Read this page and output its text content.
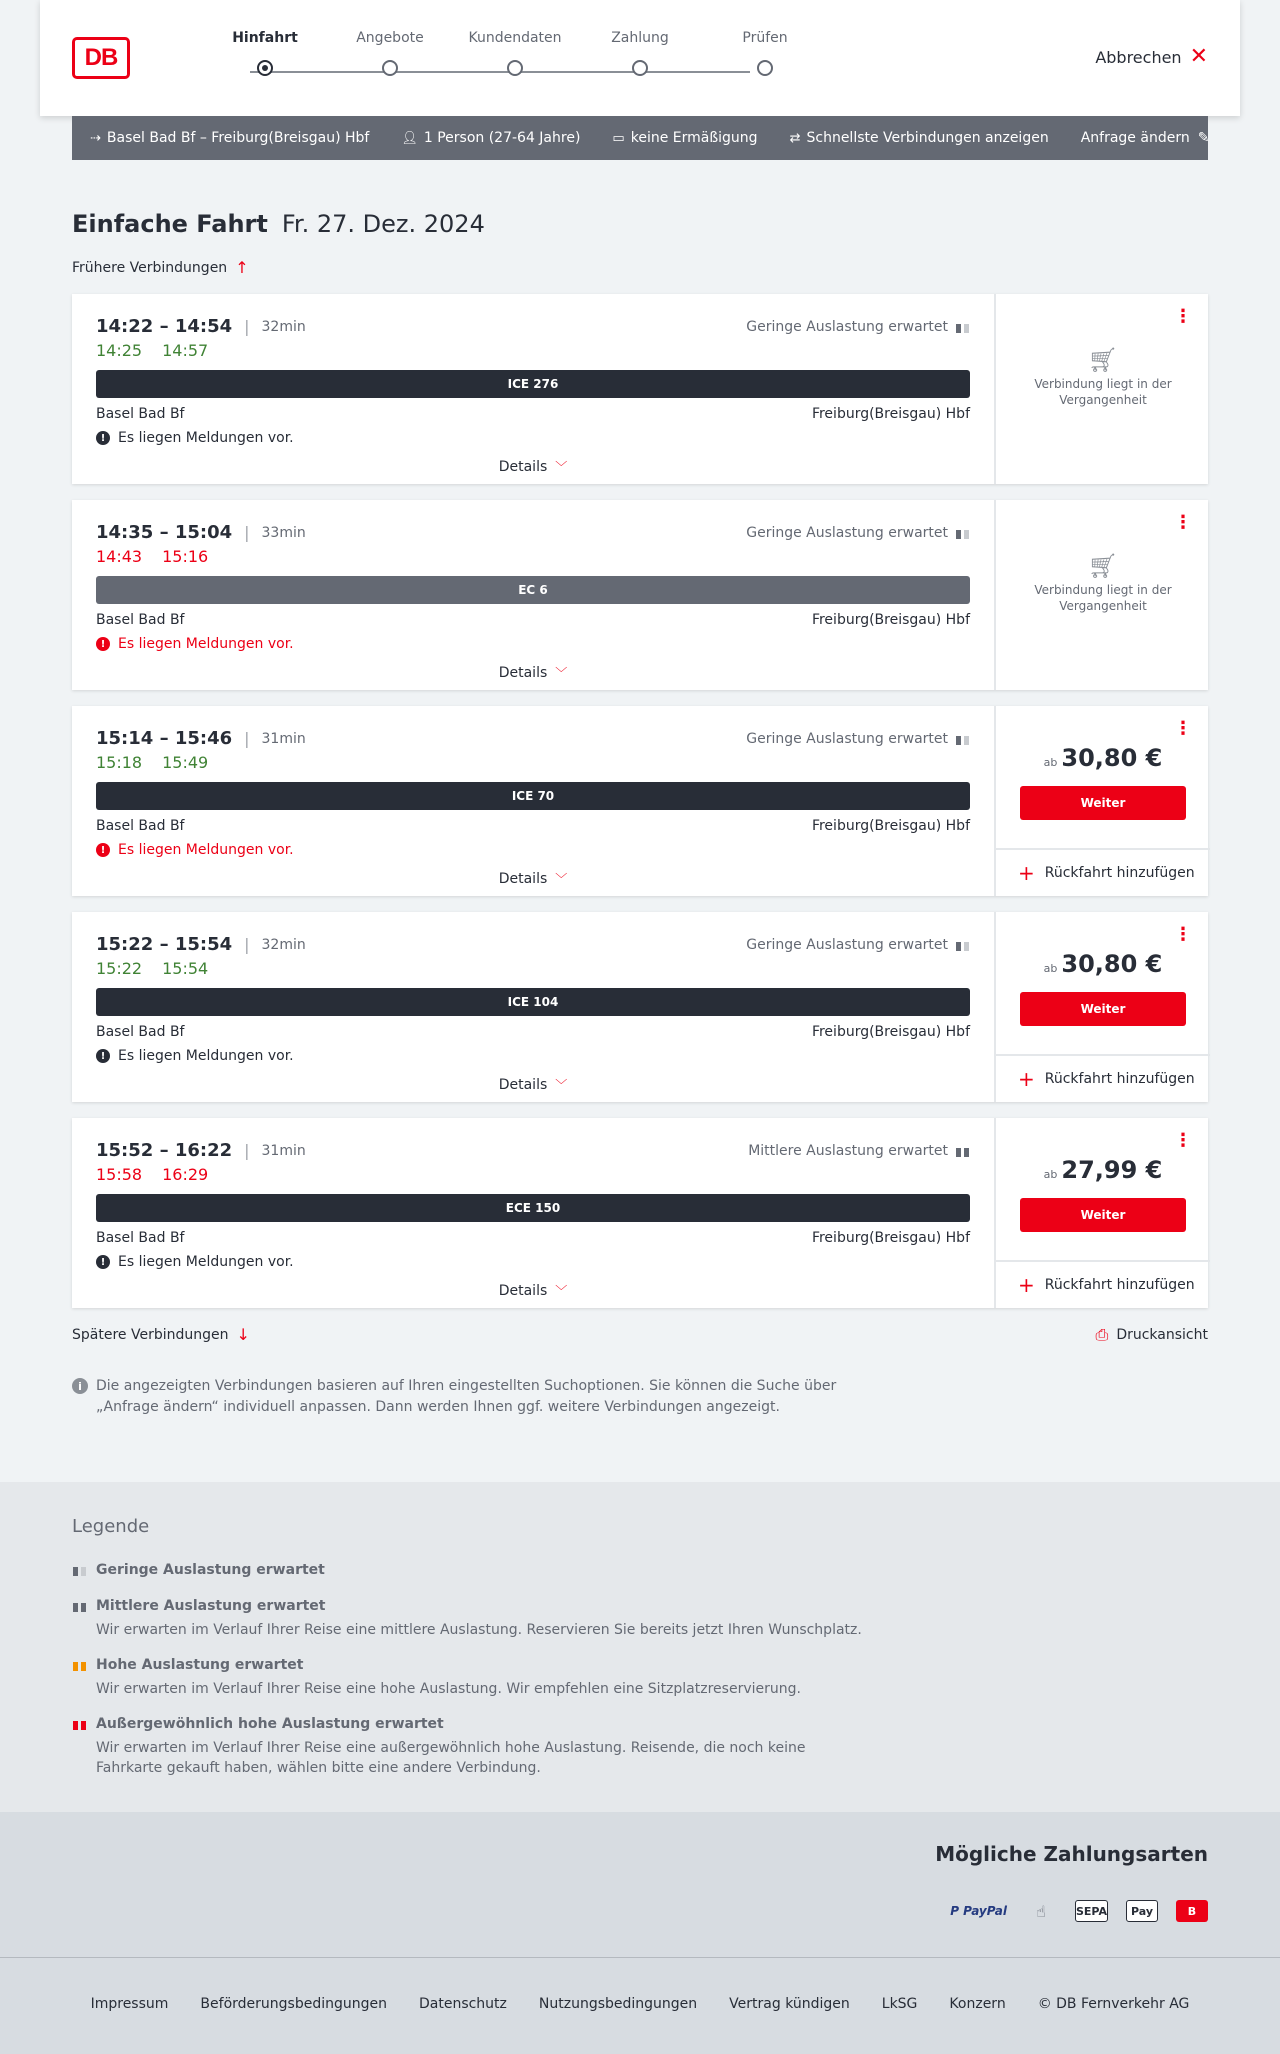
DB
Hinfahrt	Angebote	Kundendaten	Zahlung	Prüfen
Abbrechen ✕
⇢ Basel Bad Bf – Freiburg(Breisgau) Hbf 👤︎ 1 Person (27-64 Jahre) ▭ keine Ermäßigung ⇄ Schnellste Verbindungen anzeigen Anfrage ändern ✎
Einfache Fahrt Fr. 27. Dez. 2024
Frühere Verbindungen ↑
14:22 – 14:54 | 32min	Geringe Auslastung erwartet
14:25 14:57
ICE 276
Basel Bad Bf	Freiburg(Breisgau) Hbf
! Es liegen Meldungen vor.
Details ﹀
⋮
🛒︎
Verbindung liegt in der Vergangenheit
14:35 – 15:04 | 33min	Geringe Auslastung erwartet
14:43 15:16
EC 6
Basel Bad Bf	Freiburg(Breisgau) Hbf
! Es liegen Meldungen vor.
Details ﹀
⋮
🛒︎
Verbindung liegt in der Vergangenheit
15:14 – 15:46 | 31min	Geringe Auslastung erwartet
15:18 15:49
ICE 70
Basel Bad Bf	Freiburg(Breisgau) Hbf
! Es liegen Meldungen vor.
Details ﹀
⋮
ab 30,80 €
Weiter
+ Rückfahrt hinzufügen
15:22 – 15:54 | 32min	Geringe Auslastung erwartet
15:22 15:54
ICE 104
Basel Bad Bf	Freiburg(Breisgau) Hbf
! Es liegen Meldungen vor.
Details ﹀
⋮
ab 30,80 €
Weiter
+ Rückfahrt hinzufügen
15:52 – 16:22 | 31min	Mittlere Auslastung erwartet
15:58 16:29
ECE 150
Basel Bad Bf	Freiburg(Breisgau) Hbf
! Es liegen Meldungen vor.
Details ﹀
⋮
ab 27,99 €
Weiter
+ Rückfahrt hinzufügen
Spätere Verbindungen ↓	⎙ Druckansicht
i	Die angezeigten Verbindungen basieren auf Ihren eingestellten Suchoptionen. Sie können die Suche über „Anfrage ändern“ individuell anpassen. Dann werden Ihnen ggf. weitere Verbindungen angezeigt.
Legende
Geringe Auslastung erwartet
Mittlere Auslastung erwartet
Wir erwarten im Verlauf Ihrer Reise eine mittlere Auslastung. Reservieren Sie bereits jetzt Ihren Wunschplatz.
Hohe Auslastung erwartet
Wir erwarten im Verlauf Ihrer Reise eine hohe Auslastung. Wir empfehlen eine Sitzplatzreservierung.
Außergewöhnlich hohe Auslastung erwartet
Wir erwarten im Verlauf Ihrer Reise eine außergewöhnlich hohe Auslastung. Reisende, die noch keine Fahrkarte gekauft haben, wählen bitte eine andere Verbindung.
Mögliche Zahlungsarten
P PayPal	☝	SEPA	Pay	B
Impressum Beförderungsbedingungen Datenschutz Nutzungsbedingungen Vertrag kündigen LkSG Konzern © DB Fernverkehr AG
